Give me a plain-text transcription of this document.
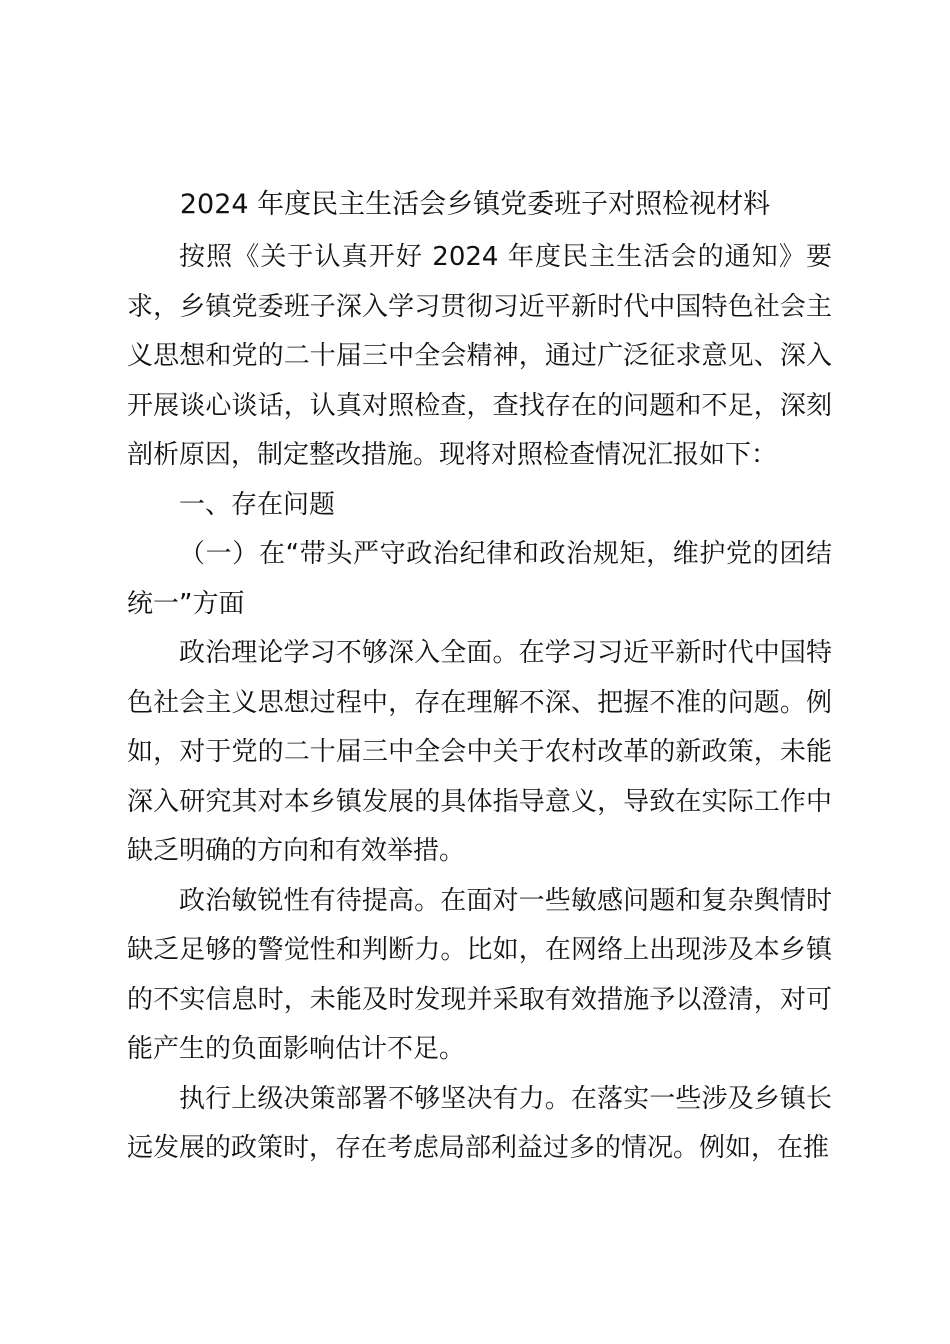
2024 年度民主生活会乡镇党委班子对照检视材料

按照《关于认真开好 2024 年度民主生活会的通知》要求，乡镇党委班子深入学习贯彻习近平新时代中国特色社会主义思想和党的二十届三中全会精神，通过广泛征求意见、深入开展谈心谈话，认真对照检查，查找存在的问题和不足，深刻剖析原因，制定整改措施。现将对照检查情况汇报如下：

一、存在问题

（一）在“带头严守政治纪律和政治规矩，维护党的团结统一”方面

政治理论学习不够深入全面。在学习习近平新时代中国特色社会主义思想过程中，存在理解不深、把握不准的问题。例如，对于党的二十届三中全会中关于农村改革的新政策，未能深入研究其对本乡镇发展的具体指导意义，导致在实际工作中缺乏明确的方向和有效举措。

政治敏锐性有待提高。在面对一些敏感问题和复杂舆情时缺乏足够的警觉性和判断力。比如，在网络上出现涉及本乡镇的不实信息时，未能及时发现并采取有效措施予以澄清，对可能产生的负面影响估计不足。

执行上级决策部署不够坚决有力。在落实一些涉及乡镇长远发展的政策时，存在考虑局部利益过多的情况。例如，在推
